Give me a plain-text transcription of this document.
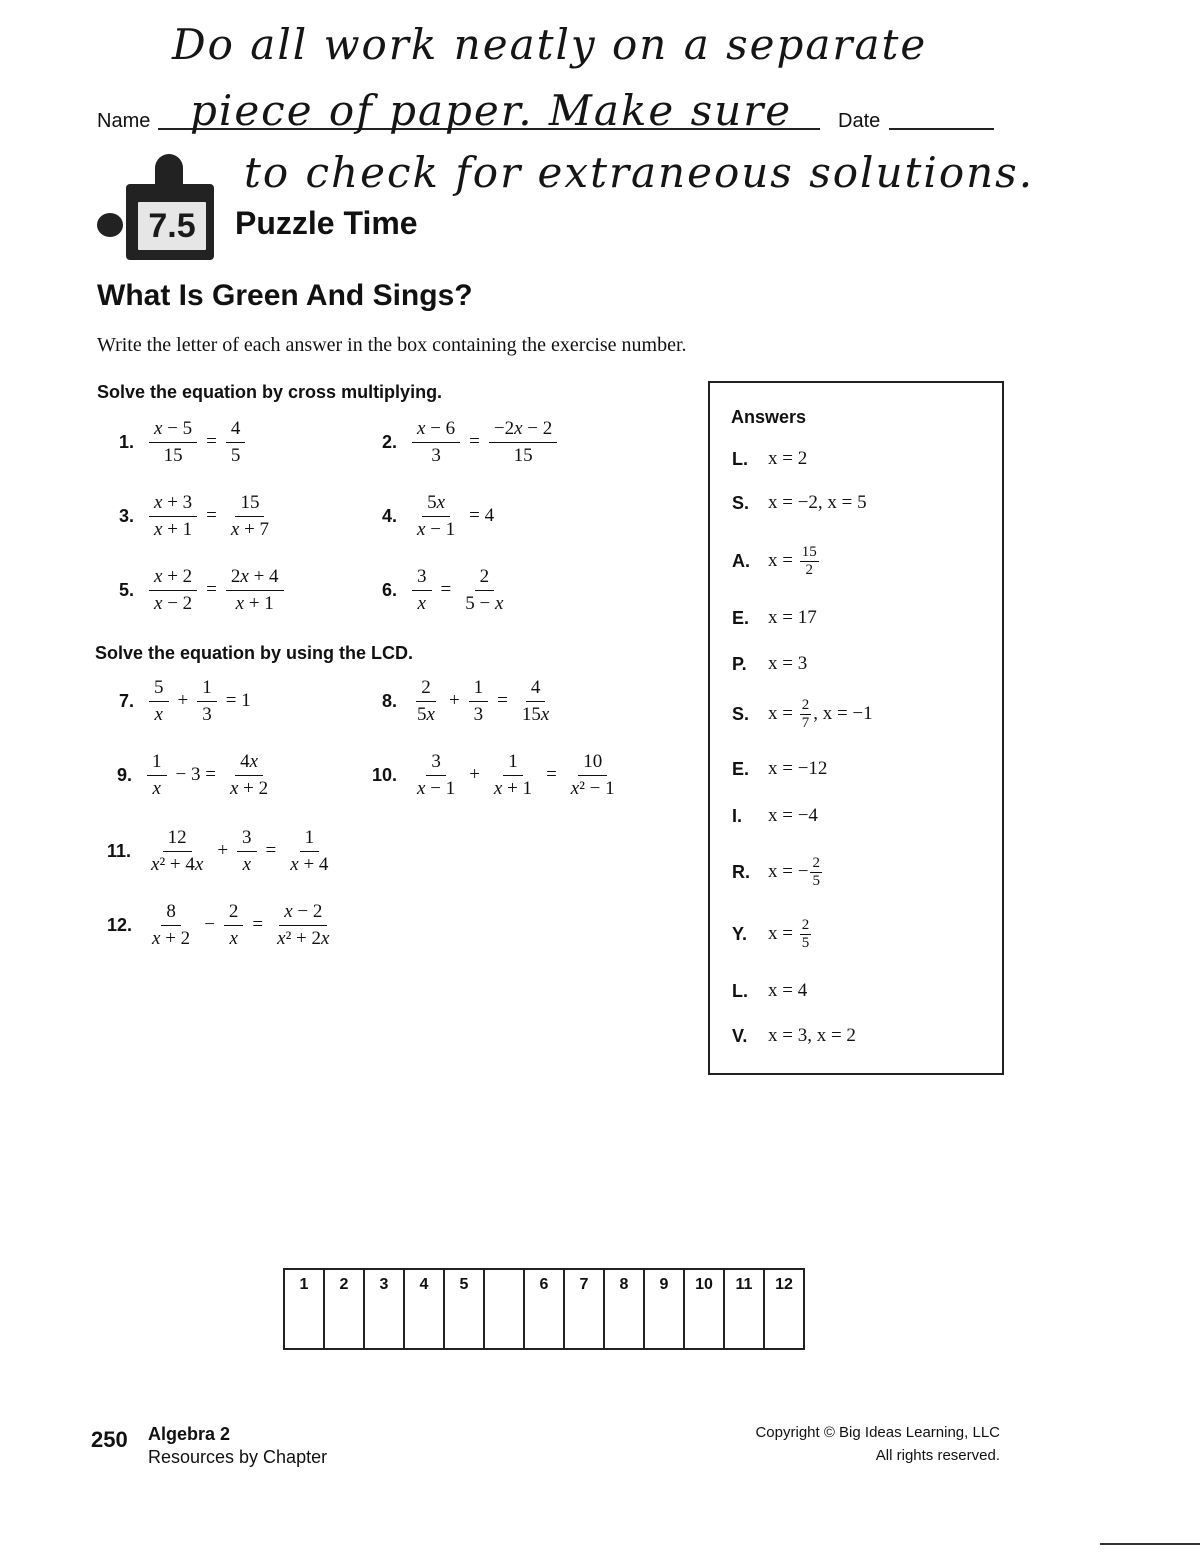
Do all work neatly on a separate
Name piece of paper. Make sure Date
to check for extraneous solutions.
7.5	Puzzle Time
What Is Green And Sings?
Write the letter of each answer in the box containing the exercise number.
Solve the equation by cross multiplying.
1. $\frac{x - 5}{15} = \frac{4}{5}$	2. $\frac{x - 6}{3} = \frac{-2x - 2}{15}$
3. $\frac{x + 3}{x + 1} = \frac{15}{x + 7}$	4. $\frac{5x}{x - 1} = 4$
5. $\frac{x + 2}{x - 2} = \frac{2x + 4}{x + 1}$	6. $\frac{3}{x} = \frac{2}{5 - x}$
Solve the equation by using the LCD.
7. $\frac{5}{x} + \frac{1}{3} = 1$	8. $\frac{2}{5x} + \frac{1}{3} = \frac{4}{15x}$
9. $\frac{1}{x} - 3 = \frac{4x}{x + 2}$	10. $\frac{3}{x - 1} + \frac{1}{x + 1} = \frac{10}{\text{x² − 1}}$
11. $\frac{12}{\text{x² + 4x}} + \frac{3}{x} = \frac{1}{x + 4}$
12. $\frac{8}{x + 2} - \frac{2}{x} = \frac{x - 2}{\text{x² + 2x}}$
Answers
L.	x = 2
S. x = −2, x = 5
A. $x = \frac{15}{2}$
E. x = 17
P.	x = 3
S. $x = \frac{2}{7}$ , x = −1
E. x = −12
I.	x = −4
R. x = − $\frac{2}{5}$
Y.	$x = \frac{2}{5}$
L.	x = 4
V.	x = 3, x = 2
1	2	3	4	5	6	7	8	9	10	11	12
250 Algebra 2
Resources by Chapter
Copyright © Big Ideas Learning, LLC
All rights reserved.
